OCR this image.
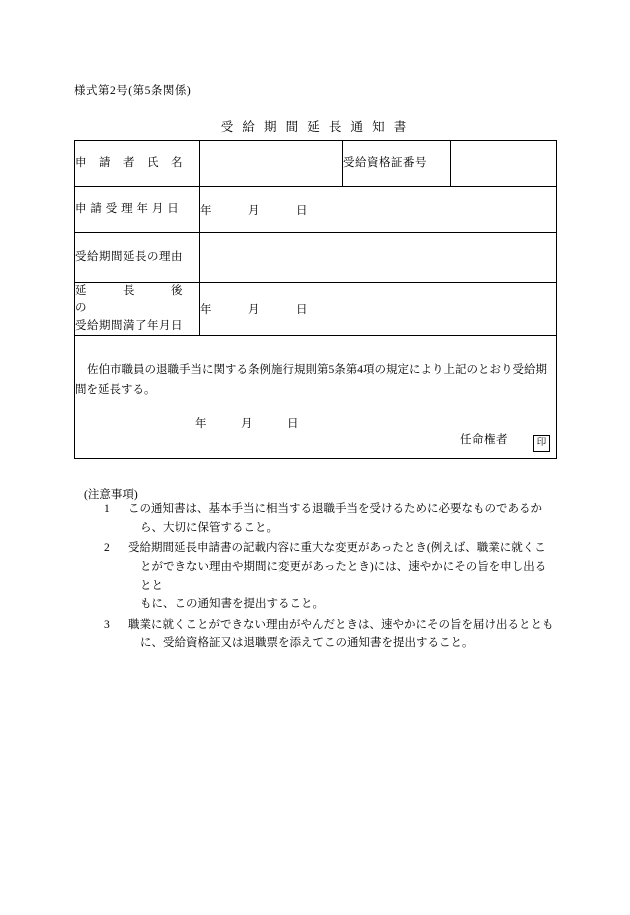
様式第2号(第5条関係)
受 給 期 間 延 長 通 知 書
申　請　者　氏　名		受給資格証番号	
申 請 受 理 年 月 日	年　　　月　　　日		
受給期間延長の理由			

延　　　長　　　後　　　の
受給期間満了年月日	年　　　月　　　日		

佐伯市職員の退職手当に関する条例施行規則第5条第4項の規定により上記のとおり受給期間を延長する。
年　　　月　　　日
任命権者 印			
(注意事項)
1	この通知書は、基本手当に相当する退職手当を受けるために必要なものであるか
ら、大切に保管すること。
2	受給期間延長申請書の記載内容に重大な変更があったとき(例えば、職業に就くこ
とができない理由や期間に変更があったとき)には、速やかにその旨を申し出るとと
もに、この通知書を提出すること。
3	職業に就くことができない理由がやんだときは、速やかにその旨を届け出るととも
に、受給資格証又は退職票を添えてこの通知書を提出すること。
